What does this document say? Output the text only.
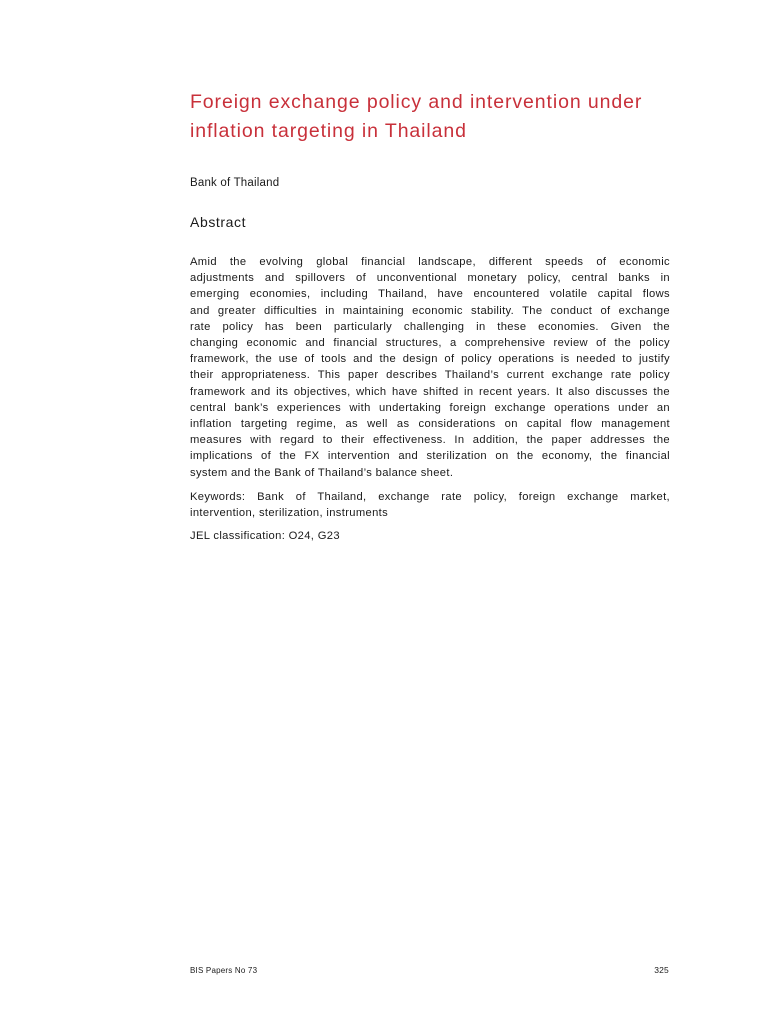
Foreign exchange policy and intervention under
inflation targeting in Thailand
Bank of Thailand
Abstract
Amid the evolving global financial landscape, different speeds of economic
adjustments and spillovers of unconventional monetary policy, central banks in
emerging economies, including Thailand, have encountered volatile capital flows
and greater difficulties in maintaining economic stability. The conduct of exchange
rate policy has been particularly challenging in these economies. Given the
changing economic and financial structures, a comprehensive review of the policy
framework, the use of tools and the design of policy operations is needed to justify
their appropriateness. This paper describes Thailand’s current exchange rate policy
framework and its objectives, which have shifted in recent years. It also discusses the
central bank’s experiences with undertaking foreign exchange operations under an
inflation targeting regime, as well as considerations on capital flow management
measures with regard to their effectiveness. In addition, the paper addresses the
implications of the FX intervention and sterilization on the economy, the financial
system and the Bank of Thailand’s balance sheet.
Keywords: Bank of Thailand, exchange rate policy, foreign exchange market,
intervention, sterilization, instruments
JEL classification: O24, G23
BIS Papers No 73	325
